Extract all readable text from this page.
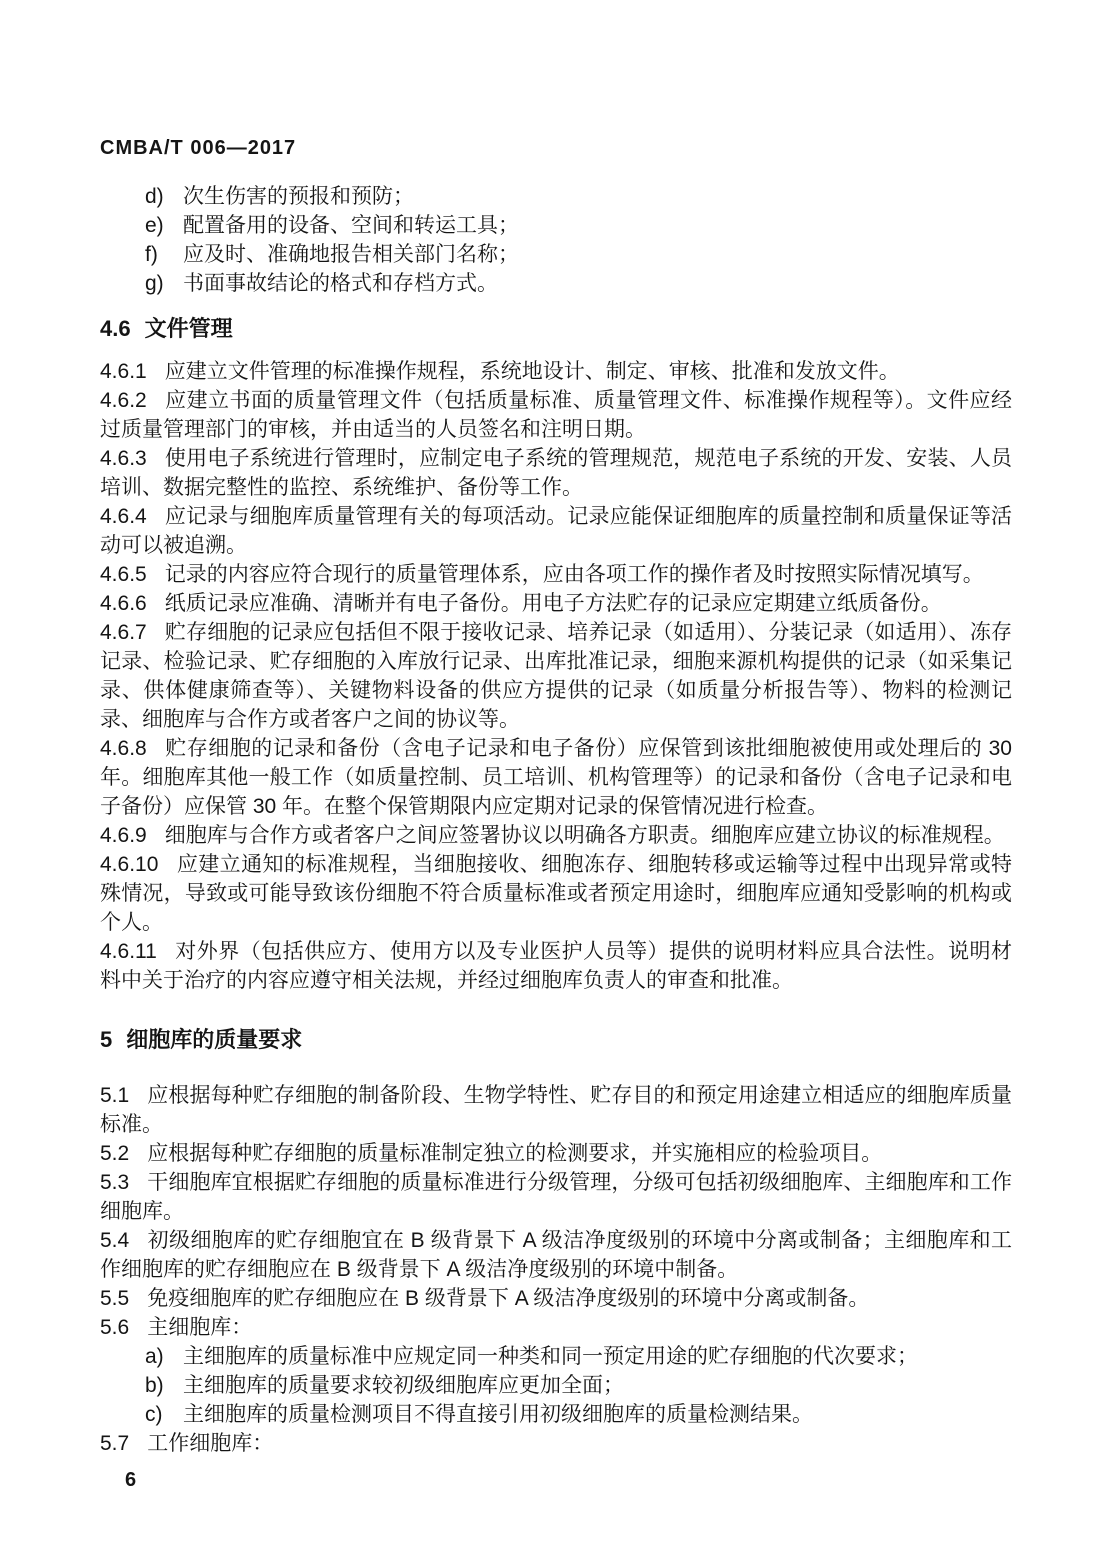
CMBA/T 006—2017
d) 次生伤害的预报和预防；
e) 配置备用的设备、空间和转运工具；
f)	应及时、准确地报告相关部门名称；
g) 书面事故结论的格式和存档方式。
4.6 文件管理

4.6.1 应建立文件管理的标准操作规程，系统地设计、制定、审核、批准和发放文件。

4.6.2 应建立书面的质量管理文件（包括质量标准、质量管理文件、标准操作规程等）。文件应经过质量管理部门的审核，并由适当的人员签名和注明日期。

4.6.3 使用电子系统进行管理时，应制定电子系统的管理规范，规范电子系统的开发、安装、人员培训、数据完整性的监控、系统维护、备份等工作。

4.6.4 应记录与细胞库质量管理有关的每项活动。记录应能保证细胞库的质量控制和质量保证等活动可以被追溯。

4.6.5 记录的内容应符合现行的质量管理体系，应由各项工作的操作者及时按照实际情况填写。

4.6.6 纸质记录应准确、清晰并有电子备份。用电子方法贮存的记录应定期建立纸质备份。

4.6.7 贮存细胞的记录应包括但不限于接收记录、培养记录（如适用）、分装记录（如适用）、冻存记录、检验记录、贮存细胞的入库放行记录、出库批准记录，细胞来源机构提供的记录（如采集记录、供体健康筛查等）、关键物料设备的供应方提供的记录（如质量分析报告等）、物料的检测记录、细胞库与合作方或者客户之间的协议等。

4.6.8 贮存细胞的记录和备份（含电子记录和电子备份）应保管到该批细胞被使用或处理后的 30 年。细胞库其他一般工作（如质量控制、员工培训、机构管理等）的记录和备份（含电子记录和电子备份）应保管 30 年。在整个保管期限内应定期对记录的保管情况进行检查。

4.6.9 细胞库与合作方或者客户之间应签署协议以明确各方职责。细胞库应建立协议的标准规程。

4.6.10 应建立通知的标准规程，当细胞接收、细胞冻存、细胞转移或运输等过程中出现异常或特殊情况，导致或可能导致该份细胞不符合质量标准或者预定用途时，细胞库应通知受影响的机构或个人。

4.6.11 对外界（包括供应方、使用方以及专业医护人员等）提供的说明材料应具合法性。说明材料中关于治疗的内容应遵守相关法规，并经过细胞库负责人的审查和批准。

5 细胞库的质量要求

5.1 应根据每种贮存细胞的制备阶段、生物学特性、贮存目的和预定用途建立相适应的细胞库质量标准。

5.2 应根据每种贮存细胞的质量标准制定独立的检测要求，并实施相应的检验项目。

5.3 干细胞库宜根据贮存细胞的质量标准进行分级管理，分级可包括初级细胞库、主细胞库和工作细胞库。

5.4 初级细胞库的贮存细胞宜在 B 级背景下 A 级洁净度级别的环境中分离或制备；主细胞库和工作细胞库的贮存细胞应在 B 级背景下 A 级洁净度级别的环境中制备。

5.5 免疫细胞库的贮存细胞应在 B 级背景下 A 级洁净度级别的环境中分离或制备。

5.6 主细胞库：

a) 主细胞库的质量标准中应规定同一种类和同一预定用途的贮存细胞的代次要求；
b) 主细胞库的质量要求较初级细胞库应更加全面；
c) 主细胞库的质量检测项目不得直接引用初级细胞库的质量检测结果。

5.7 工作细胞库：

6
